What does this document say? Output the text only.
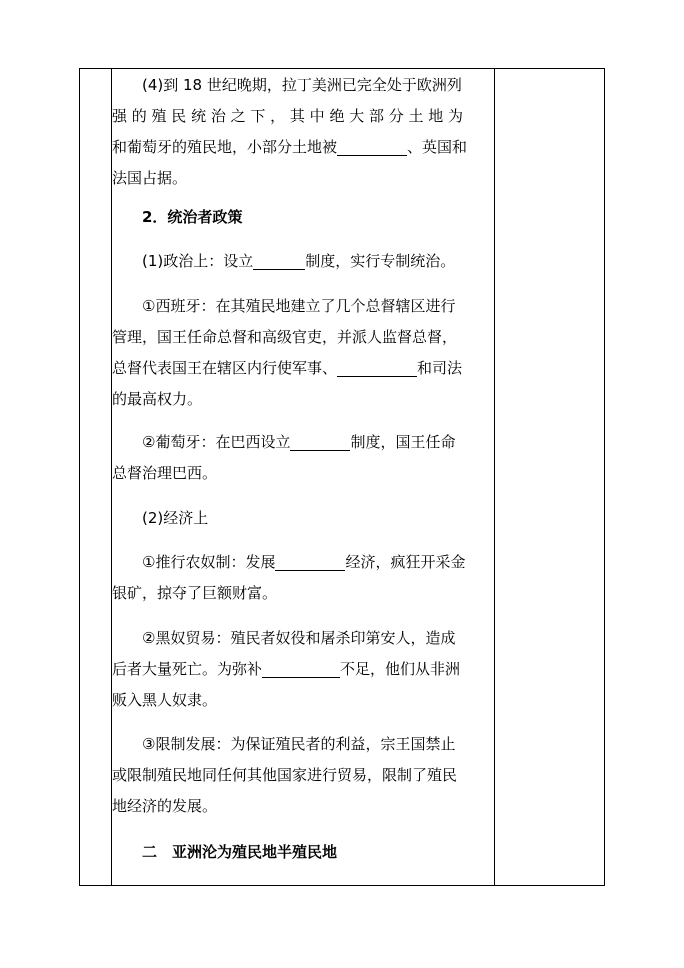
(4)到 18 世纪晚期，拉丁美洲已完全处于欧洲列

强 的 殖 民 统 治 之 下 ， 其 中 绝 大 部 分 土 地 为

和葡萄牙的殖民地，小部分土地被	、英国和

法国占据。

2．统治者政策

(1)政治上：设立	制度，实行专制统治。

①西班牙：在其殖民地建立了几个总督辖区进行

管理，国王任命总督和高级官吏，并派人监督总督，

总督代表国王在辖区内行使军事、	和司法

的最高权力。

②葡萄牙：在巴西设立	制度，国王任命

总督治理巴西。

(2)经济上

①推行农奴制：发展	经济，疯狂开采金

银矿，掠夺了巨额财富。

②黑奴贸易：殖民者奴役和屠杀印第安人，造成

后者大量死亡。为弥补	不足，他们从非洲

贩入黑人奴隶。

③限制发展：为保证殖民者的利益，宗王国禁止

或限制殖民地同任何其他国家进行贸易，限制了殖民

地经济的发展。

二　亚洲沦为殖民地半殖民地
